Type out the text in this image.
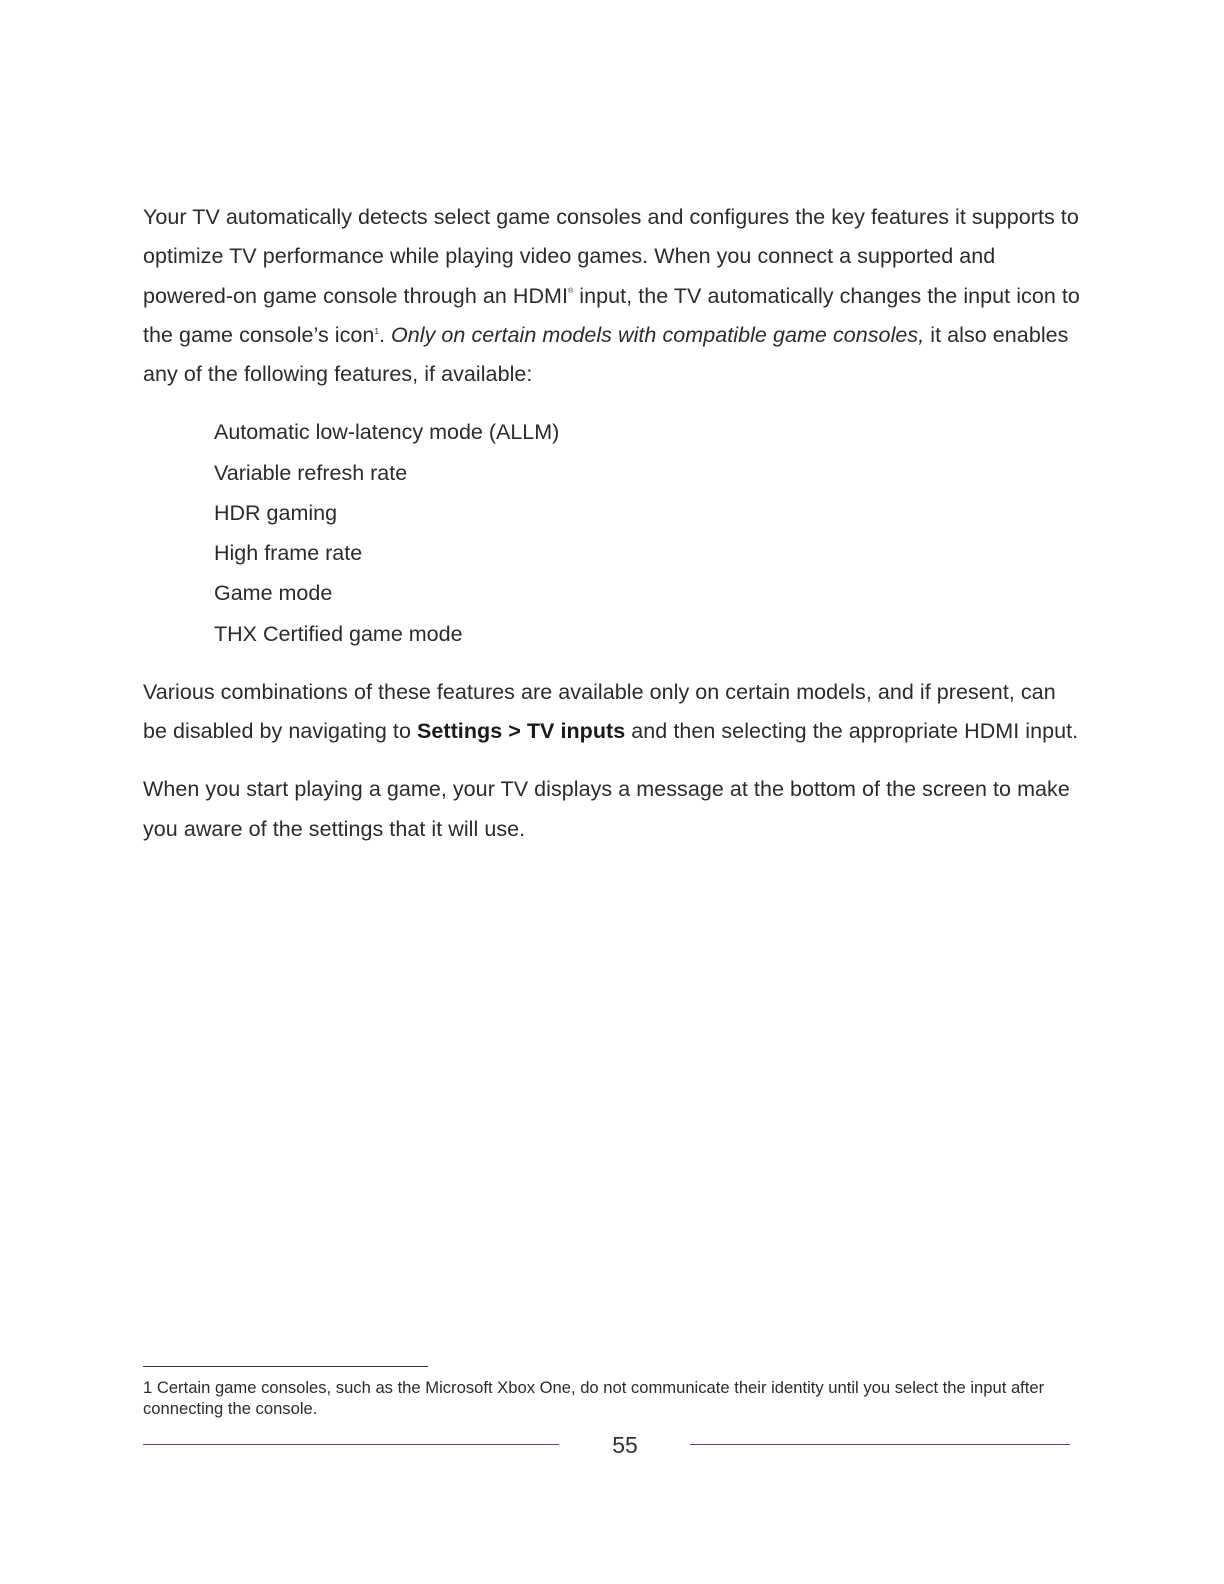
Your TV automatically detects select game consoles and configures the key features it supports to optimize TV performance while playing video games. When you connect a supported and powered-on game console through an HDMI® input, the TV automatically changes the input icon to the game console’s icon$^1$. Only on certain models with compatible game consoles, it also enables any of the following features, if available:

Automatic low-latency mode (ALLM)
Variable refresh rate
HDR gaming
High frame rate
Game mode
THX Certified game mode

Various combinations of these features are available only on certain models, and if present, can be disabled by navigating to Settings > TV inputs and then selecting the appropriate HDMI input.

When you start playing a game, your TV displays a message at the bottom of the screen to make you aware of the settings that it will use.

1 Certain game consoles, such as the Microsoft Xbox One, do not communicate their identity until you select the input after connecting the console.
55
